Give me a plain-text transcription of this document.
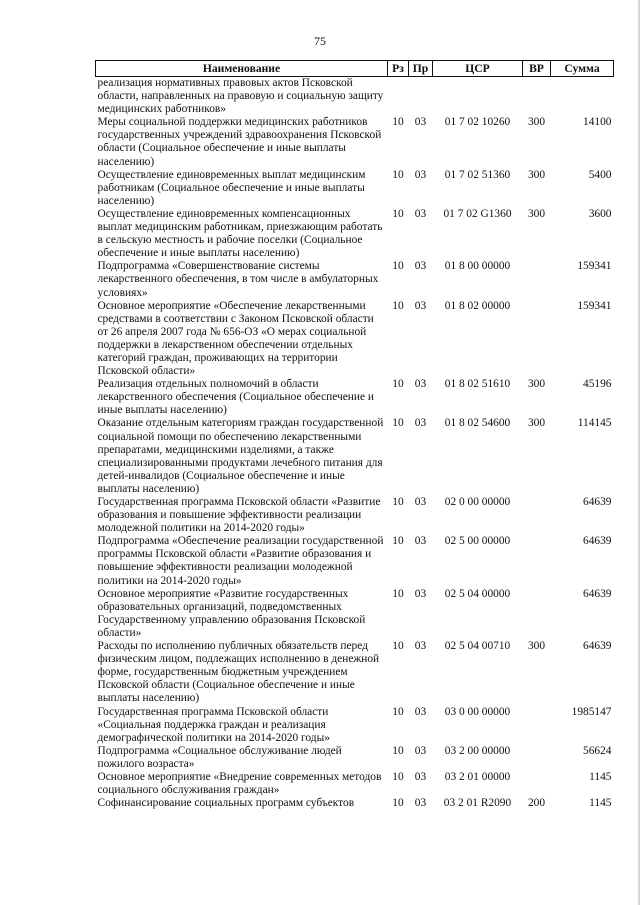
75
Наименование	Рз	Пр	ЦСР	ВР	Сумма
реализация нормативных правовых актов Псковской области, направленных на правовую и социальную защиту медицинских работников»					
Меры социальной поддержки медицинских работников государственных учреждений здравоохранения Псковской области (Социальное обеспечение и иные выплаты населению)	10	03	01 7 02 10260	300	14100
Осуществление единовременных выплат медицинским работникам (Социальное обеспечение и иные выплаты населению)	10	03	01 7 02 51360	300	5400
Осуществление единовременных компенсационных выплат медицинским работникам, приезжающим работать в сельскую местность и рабочие поселки (Социальное обеспечение и иные выплаты населению)	10	03	01 7 02 G1360	300	3600
Подпрограмма «Совершенствование системы лекарственного обеспечения, в том числе в амбулаторных условиях»	10	03	01 8 00 00000		159341
Основное мероприятие «Обеспечение лекарственными средствами в соответствии с Законом Псковской области от 26 апреля 2007 года № 656-ОЗ «О мерах социальной поддержки в лекарственном обеспечении отдельных категорий граждан, проживающих на территории Псковской области»	10	03	01 8 02 00000		159341
Реализация отдельных полномочий в области лекарственного обеспечения (Социальное обеспечение и иные выплаты населению)	10	03	01 8 02 51610	300	45196
Оказание отдельным категориям граждан государственной социальной помощи по обеспечению лекарственными препаратами, медицинскими изделиями, а также специализированными продуктами лечебного питания для детей-инвалидов (Социальное обеспечение и иные выплаты населению)	10	03	01 8 02 54600	300	114145
Государственная программа Псковской области «Развитие образования и повышение эффективности реализации молодежной политики на 2014-2020 годы»	10	03	02 0 00 00000		64639
Подпрограмма «Обеспечение реализации государственной программы Псковской области «Развитие образования и повышение эффективности реализации молодежной политики на 2014-2020 годы»	10	03	02 5 00 00000		64639
Основное мероприятие «Развитие государственных образовательных организаций, подведомственных Государственному управлению образования Псковской области»	10	03	02 5 04 00000		64639
Расходы по исполнению публичных обязательств перед физическим лицом, подлежащих исполнению в денежной форме, государственным бюджетным учреждением Псковской области (Социальное обеспечение и иные выплаты населению)	10	03	02 5 04 00710	300	64639
Государственная программа Псковской области «Социальная поддержка граждан и реализация демографической политики на 2014-2020 годы»	10	03	03 0 00 00000		1985147
Подпрограмма «Социальное обслуживание людей пожилого возраста»	10	03	03 2 00 00000		56624
Основное мероприятие «Внедрение современных методов социального обслуживания граждан»	10	03	03 2 01 00000		1145
Софинансирование социальных программ субъектов	10	03	03 2 01 R2090	200	1145
